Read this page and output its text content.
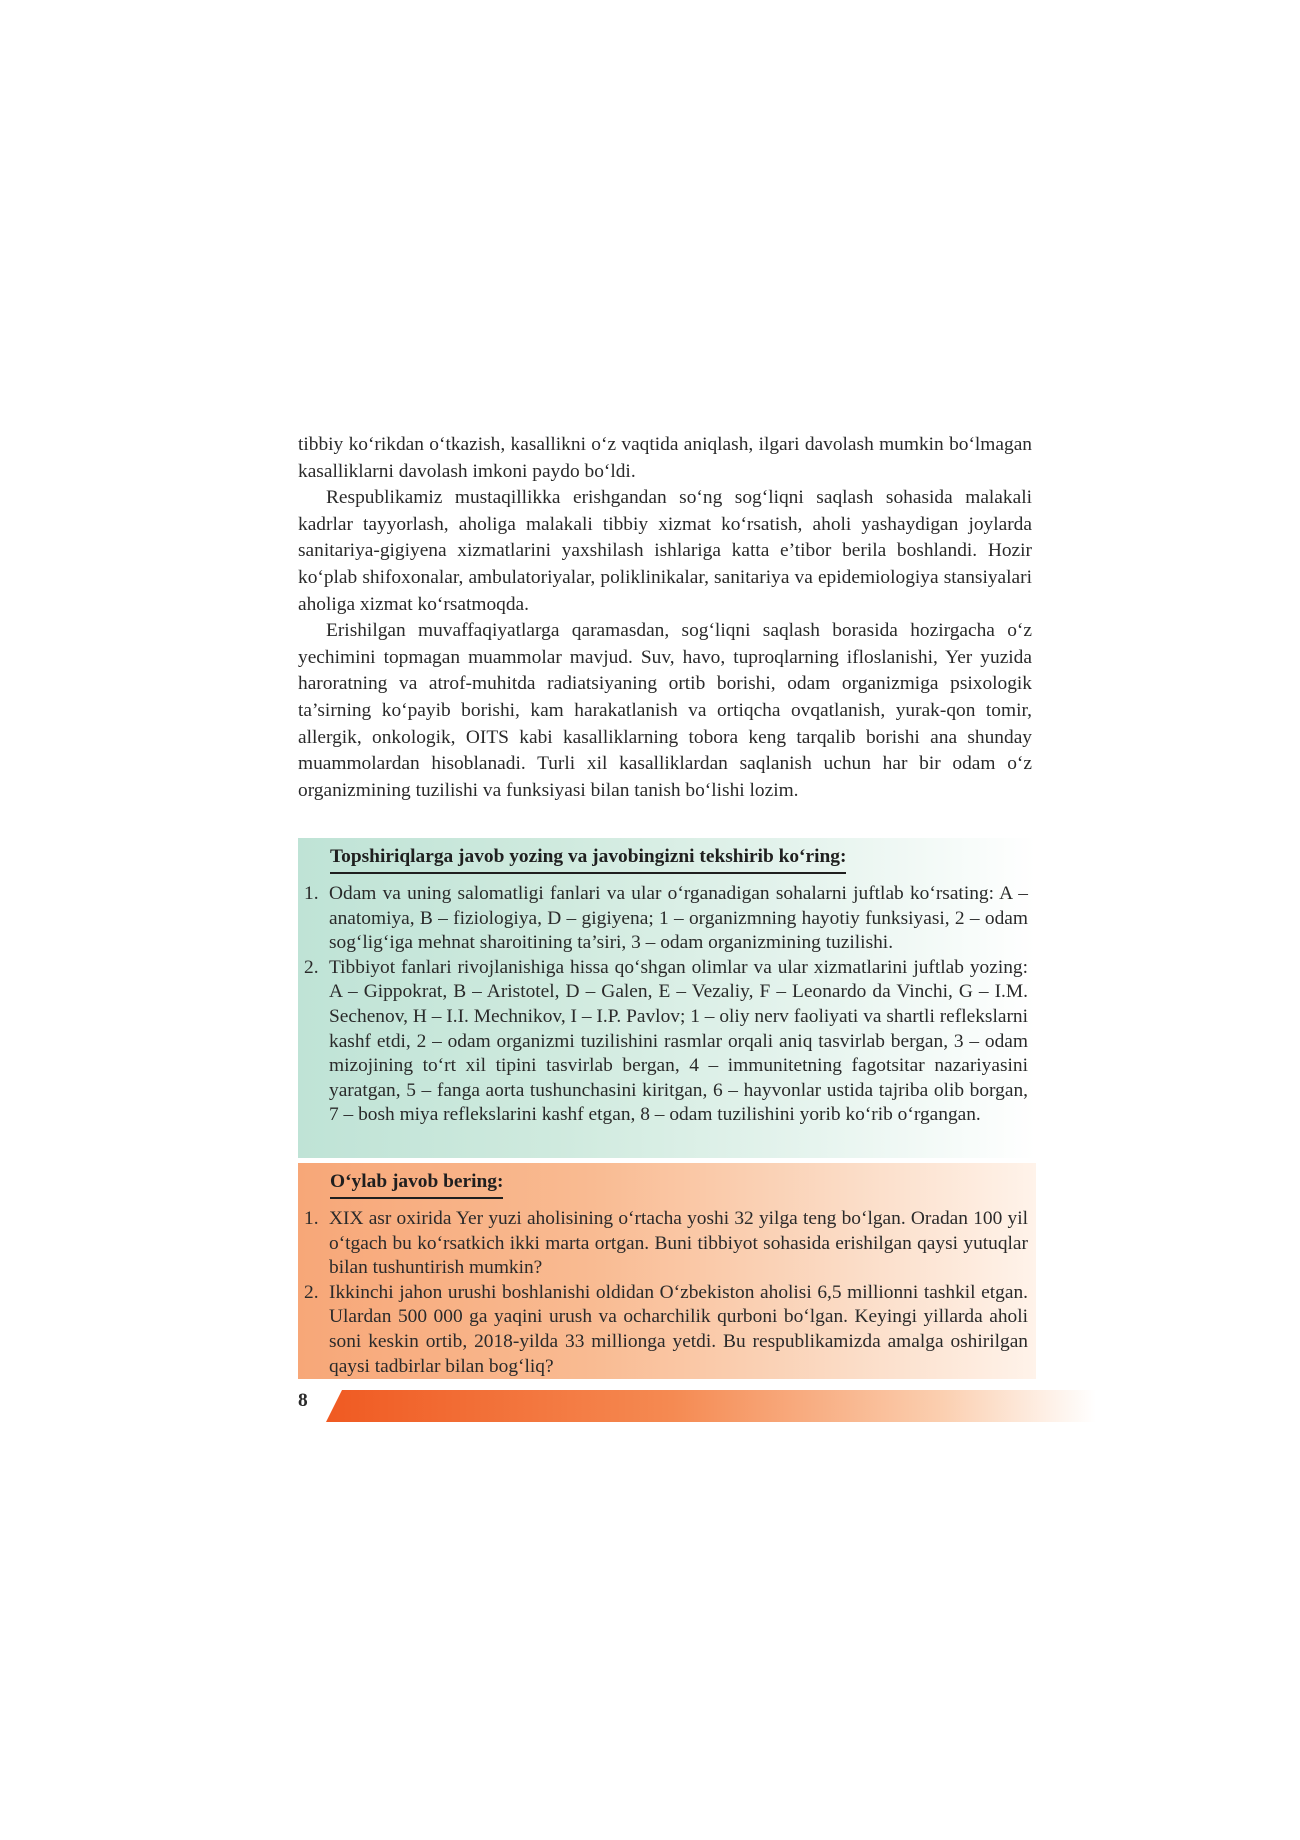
tibbiy ko‘rikdan o‘tkazish, kasallikni o‘z vaqtida aniqlash, ilgari davolash mumkin bo‘lmagan kasalliklarni davolash imkoni paydo bo‘ldi.

Respublikamiz mustaqillikka erishgandan so‘ng sog‘liqni saqlash sohasida malakali kadrlar tayyorlash, aholiga malakali tibbiy xizmat ko‘rsatish, aholi yashaydigan joylarda sanitariya-gigiyena xizmatlarini yaxshilash ishlariga katta e’tibor berila boshlandi. Hozir ko‘plab shifoxonalar, ambulatoriyalar, poliklinikalar, sanitariya va epidemiologiya stansiyalari aholiga xizmat ko‘rsatmoqda.

Erishilgan muvaffaqiyatlarga qaramasdan, sog‘liqni saqlash borasida hozirgacha o‘z yechimini topmagan muammolar mavjud. Suv, havo, tuproqlarning ifloslanishi, Yer yuzida haroratning va atrof-muhitda radiatsiyaning ortib borishi, odam organizmiga psixologik ta’sirning ko‘payib borishi, kam harakatlanish va ortiqcha ovqatlanish, yurak-qon tomir, allergik, onkologik, OITS kabi kasalliklarning tobora keng tarqalib borishi ana shunday muammolardan hisoblanadi. Turli xil kasalliklardan saqlanish uchun har bir odam o‘z organizmining tuzilishi va funksiyasi bilan tanish bo‘lishi lozim.

Topshiriqlarga javob yozing va javobingizni tekshirib ko‘ring:
1. Odam va uning salomatligi fanlari va ular o‘rganadigan sohalarni juftlab ko‘rsating: A – anatomiya, B – fiziologiya, D – gigiyena; 1 – organizmning hayotiy funksiyasi, 2 – odam sog‘lig‘iga mehnat sharoitining ta’siri, 3 – odam organizmining tuzilishi.
2. Tibbiyot fanlari rivojlanishiga hissa qo‘shgan olimlar va ular xizmatlarini juftlab yozing: A – Gippokrat, B – Aristotel, D – Galen, E – Vezaliy, F – Leonardo da Vinchi, G – I.M. Sechenov, H – I.I. Mechnikov, I – I.P. Pavlov; 1 – oliy nerv faoliyati va shartli reflekslarni kashf etdi, 2 – odam organizmi tuzilishini rasmlar orqali aniq tasvirlab bergan, 3 – odam mizojining to‘rt xil tipini tasvirlab bergan, 4 – immunitetning fagotsitar nazariyasini yaratgan, 5 – fanga aorta tushunchasini kiritgan, 6 – hayvonlar ustida tajriba olib borgan, 7 – bosh miya reflekslarini kashf etgan, 8 – odam tuzilishini yorib ko‘rib o‘rgangan.
O‘ylab javob bering:
1. XIX asr oxirida Yer yuzi aholisining o‘rtacha yoshi 32 yilga teng bo‘lgan. Oradan 100 yil o‘tgach bu ko‘rsatkich ikki marta ortgan. Buni tibbiyot sohasida erishilgan qaysi yutuqlar bilan tushuntirish mumkin?
2. Ikkinchi jahon urushi boshlanishi oldidan O‘zbekiston aholisi 6,5 millionni tashkil etgan. Ulardan 500 000 ga yaqini urush va ocharchilik qurboni bo‘lgan. Keyingi yillarda aholi soni keskin ortib, 2018-yilda 33 millionga yetdi. Bu respublikamizda amalga oshirilgan qaysi tadbirlar bilan bog‘liq?
8
